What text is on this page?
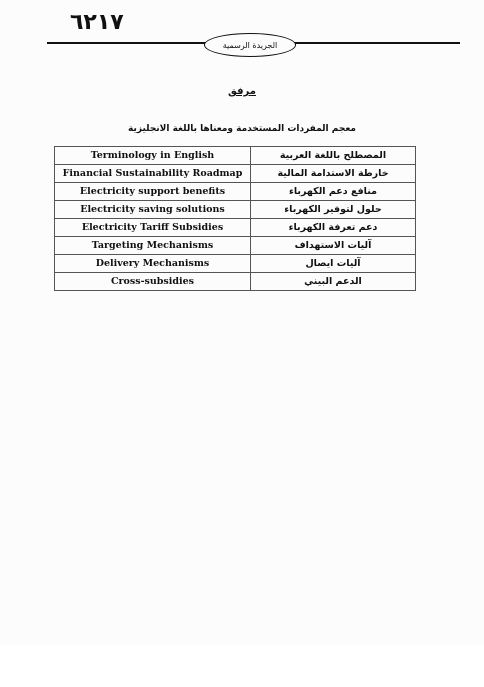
٦٢١٧
الجريدة الرسمية
مرفق
معجم المفردات المستخدمة ومعناها باللغة الانجليزية
Terminology in English	المصطلح باللغة العربية
Financial Sustainability Roadmap	خارطة الاستدامة المالية
Electricity support benefits	منافع دعم الكهرباء
Electricity saving solutions	حلول لتوفير الكهرباء
Electricity Tariff Subsidies	دعم تعرفة الكهرباء
Targeting Mechanisms	آليات الاستهداف
Delivery Mechanisms	آليات ايصال
Cross-subsidies	الدعم البيني
